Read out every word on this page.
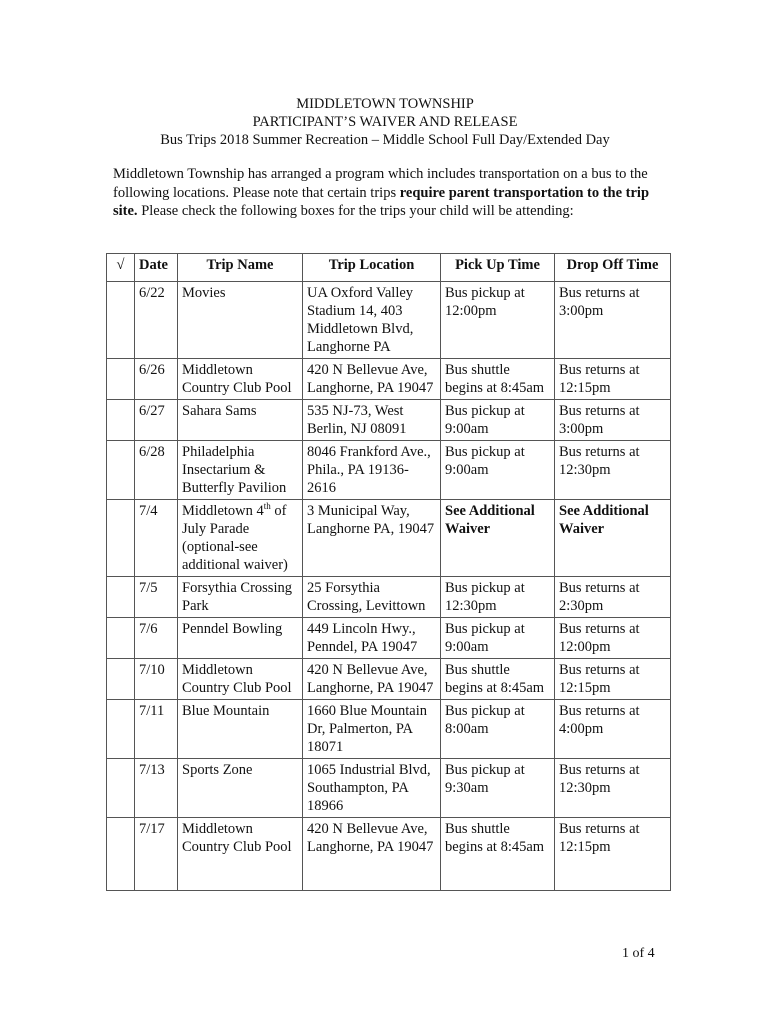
MIDDLETOWN TOWNSHIP
PARTICIPANT’S WAIVER AND RELEASE
Bus Trips 2018 Summer Recreation – Middle School Full Day/Extended Day
Middletown Township has arranged a program which includes transportation on a bus to the following locations. Please note that certain trips require parent transportation to the trip site. Please check the following boxes for the trips your child will be attending:
√	Date	Trip Name	Trip Location	Pick Up Time	Drop Off Time
	6/22	Movies	UA Oxford Valley Stadium 14, 403 Middletown Blvd, Langhorne PA	Bus pickup at 12:00pm	Bus returns at 3:00pm
	6/26	Middletown Country Club Pool	420 N Bellevue Ave, Langhorne, PA 19047	Bus shuttle begins at 8:45am	Bus returns at 12:15pm
	6/27	Sahara Sams	535 NJ-73, West Berlin, NJ 08091	Bus pickup at 9:00am	Bus returns at 3:00pm
	6/28	Philadelphia Insectarium & Butterfly Pavilion	8046 Frankford Ave., Phila., PA 19136-2616	Bus pickup at 9:00am	Bus returns at 12:30pm
	7/4	Middletown 4th of July Parade (optional-see additional waiver)	3 Municipal Way, Langhorne PA, 19047	See Additional Waiver	See Additional Waiver
	7/5	Forsythia Crossing Park	25 Forsythia Crossing, Levittown	Bus pickup at 12:30pm	Bus returns at 2:30pm
	7/6	Penndel Bowling	449 Lincoln Hwy., Penndel, PA 19047	Bus pickup at 9:00am	Bus returns at 12:00pm
	7/10	Middletown Country Club Pool	420 N Bellevue Ave, Langhorne, PA 19047	Bus shuttle begins at 8:45am	Bus returns at 12:15pm
	7/11	Blue Mountain	1660 Blue Mountain Dr, Palmerton, PA 18071	Bus pickup at 8:00am	Bus returns at 4:00pm
	7/13	Sports Zone	1065 Industrial Blvd, Southampton, PA 18966	Bus pickup at 9:30am	Bus returns at 12:30pm
	7/17	Middletown Country Club Pool	420 N Bellevue Ave, Langhorne, PA 19047	Bus shuttle begins at 8:45am	Bus returns at 12:15pm
1 of 4
